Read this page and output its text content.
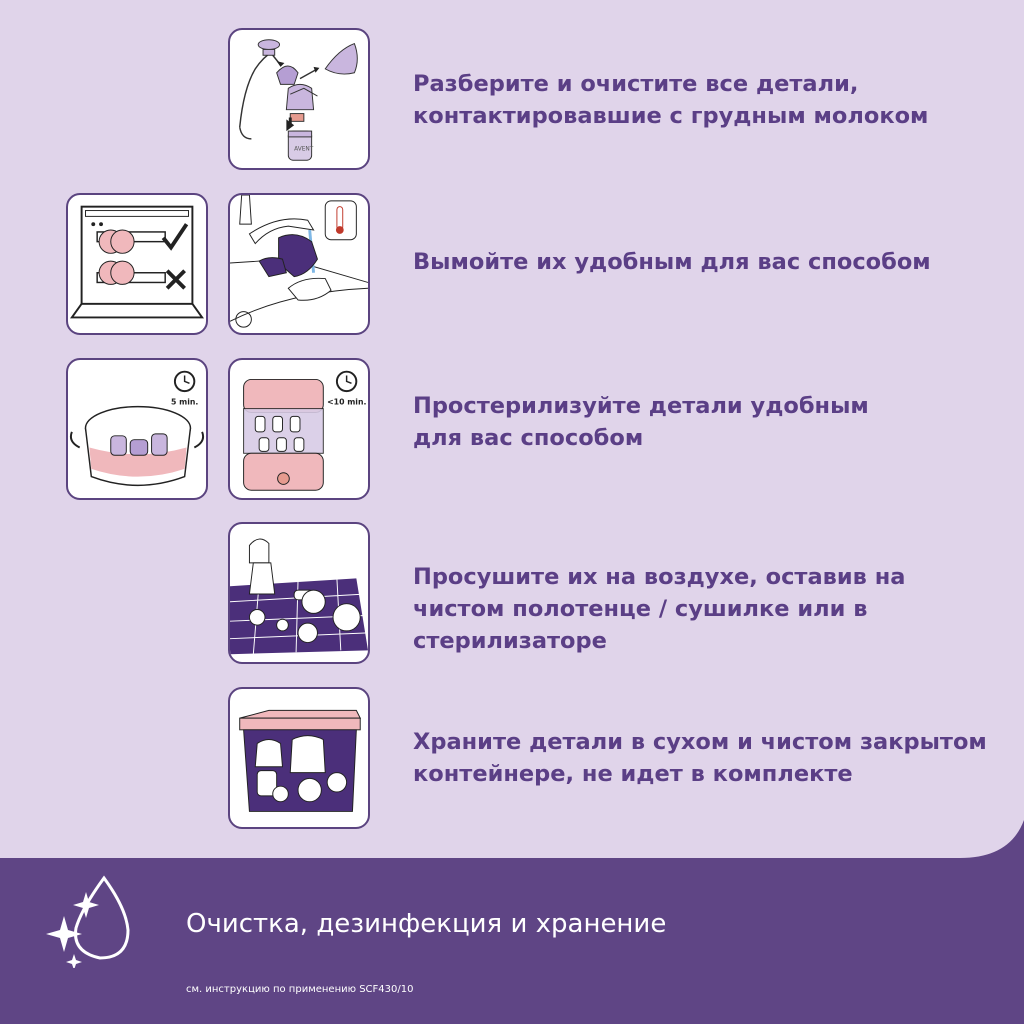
AVENT

Разберите и очистите все детали, контактировавшие с грудным молоком

Вымойте их удобным для вас способом

5 min.	<10 min. Простерилизуйте детали удобным для вас способом

Просушите их на воздухе, оставив на чистом полотенце / сушилке или в стерилизаторе

Храните детали в сухом и чистом закрытом контейнере, не идет в комплекте

Очистка, дезинфекция и хранение

см. инструкцию по применению SCF430/10
